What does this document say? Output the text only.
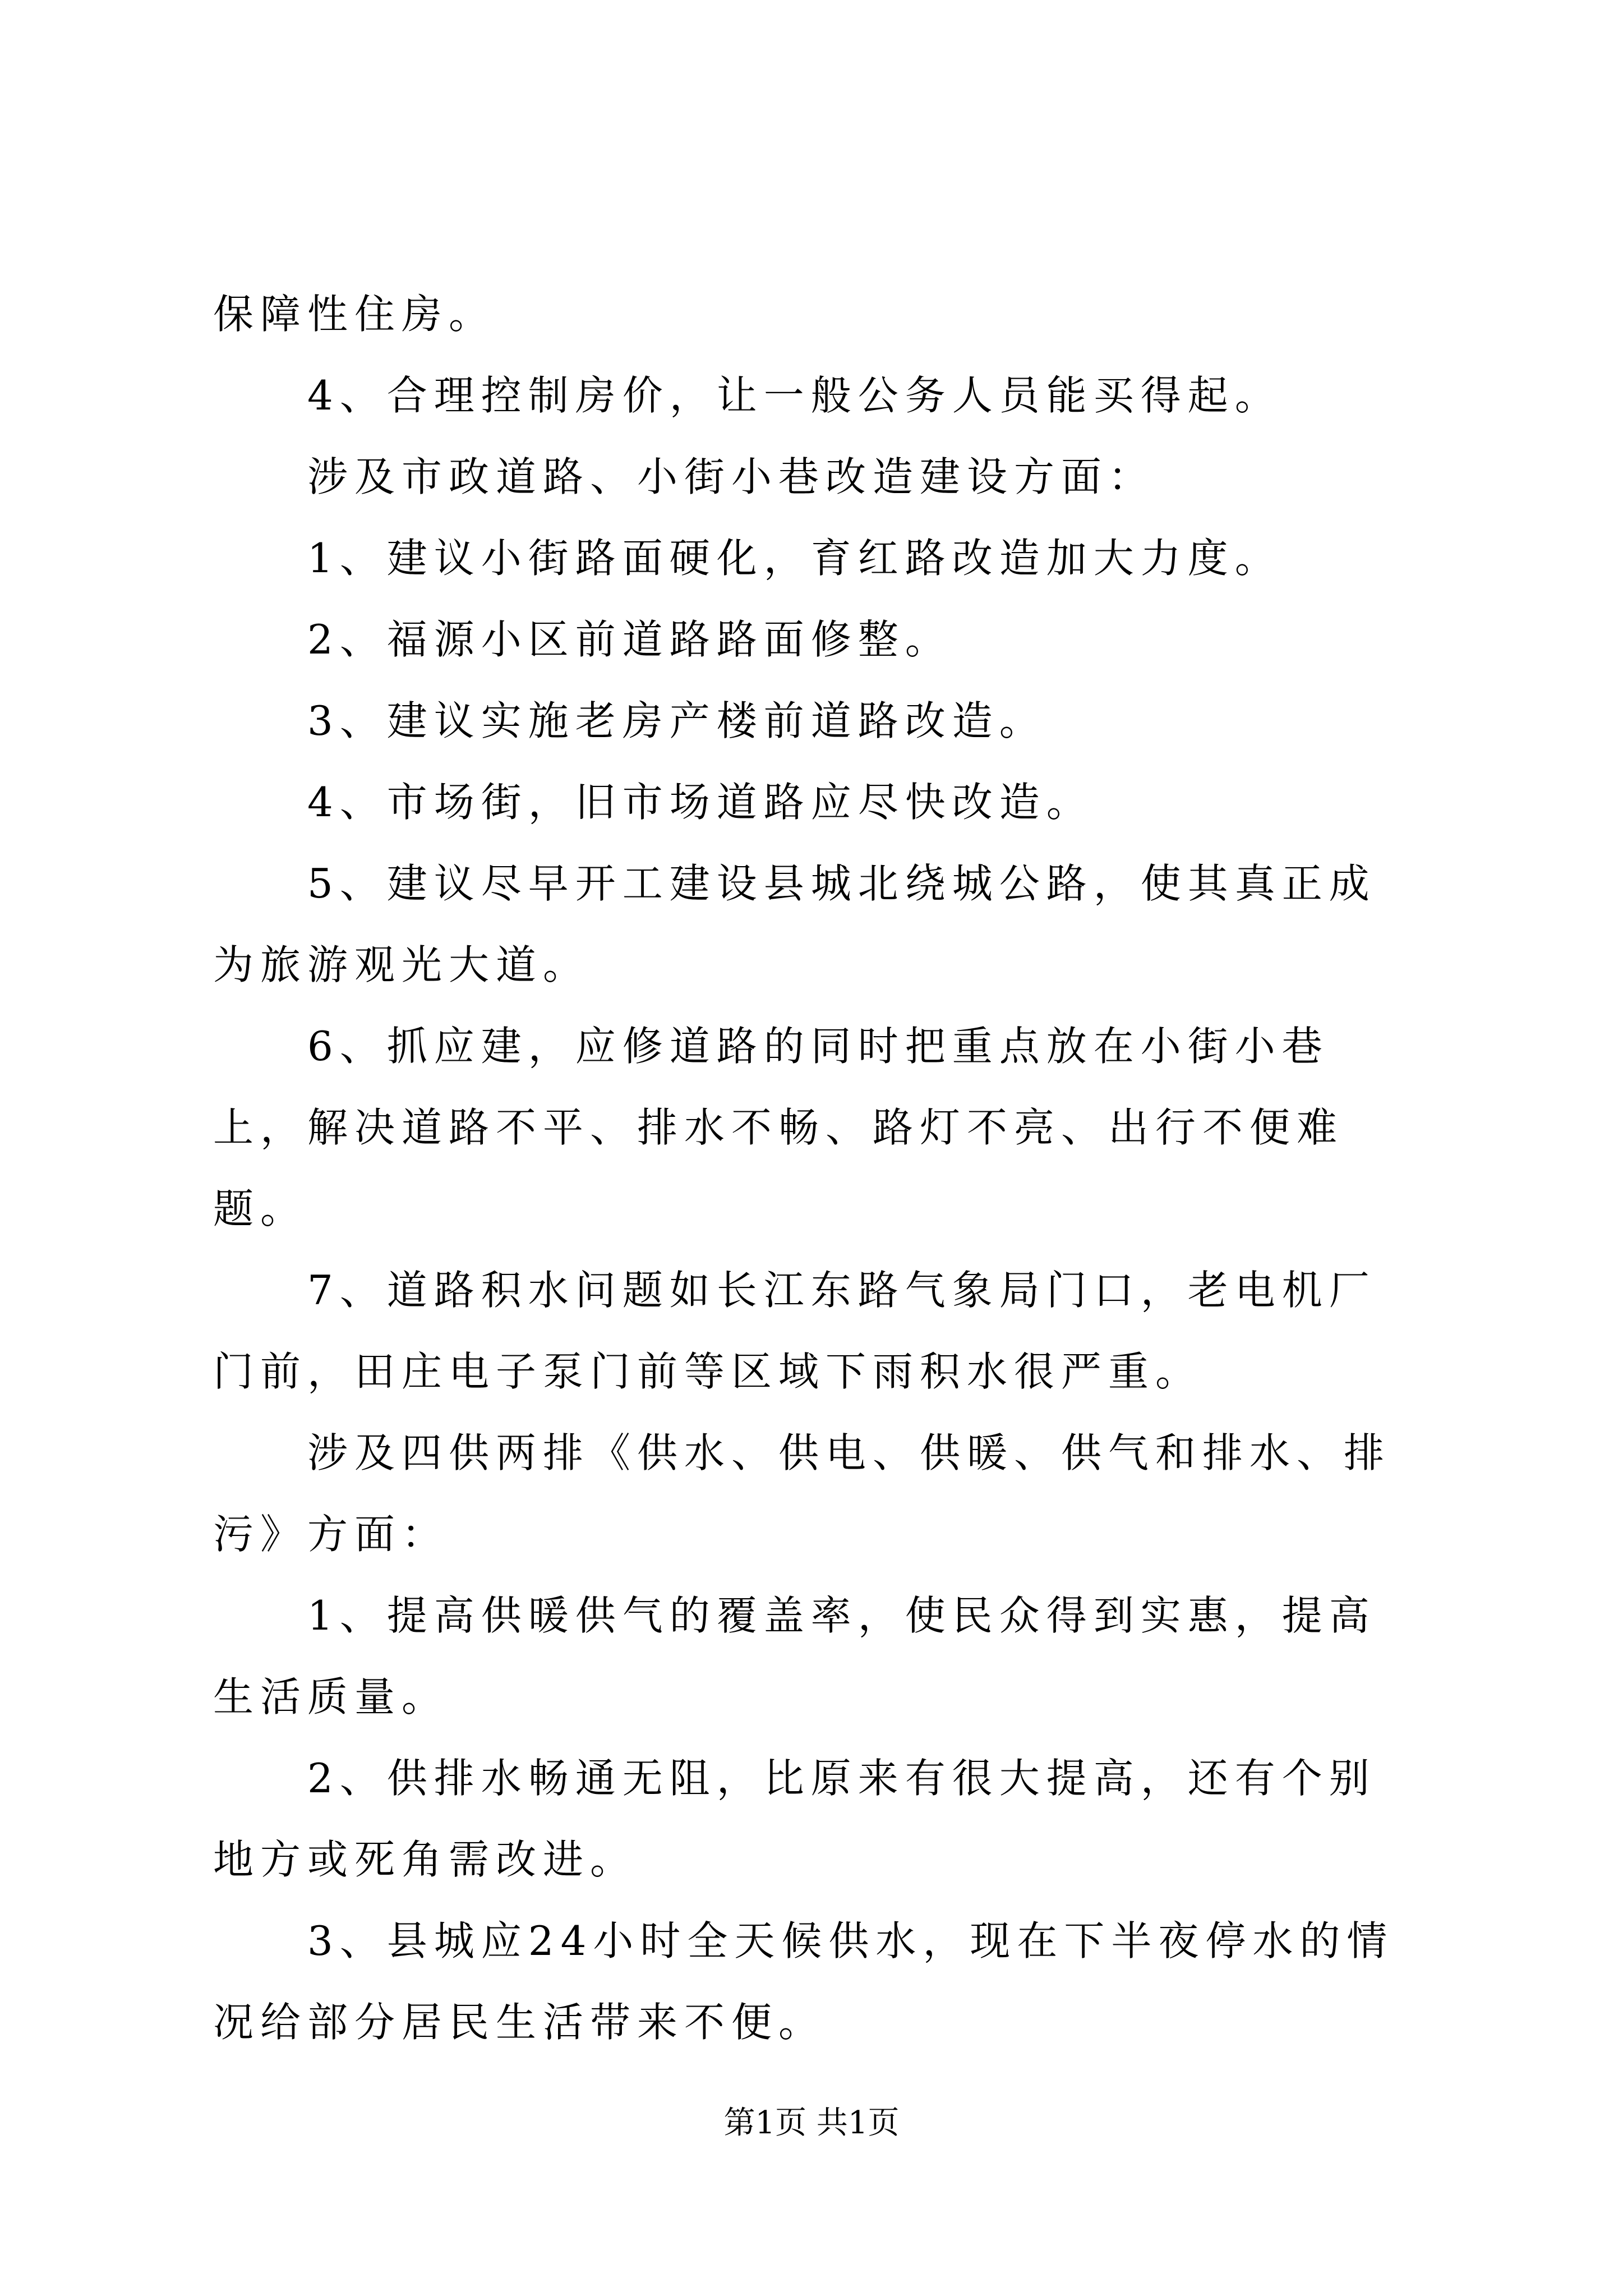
保障性住房。

4、合理控制房价，让一般公务人员能买得起。

涉及市政道路、小街小巷改造建设方面：

1、建议小街路面硬化，育红路改造加大力度。

2、福源小区前道路路面修整。

3、建议实施老房产楼前道路改造。

4、市场街，旧市场道路应尽快改造。

5、建议尽早开工建设县城北绕城公路，使其真正成为旅游观光大道。

6、抓应建，应修道路的同时把重点放在小街小巷上，解决道路不平、排水不畅、路灯不亮、出行不便难题。

7、道路积水问题如长江东路气象局门口，老电机厂门前，田庄电子泵门前等区域下雨积水很严重。

涉及四供两排《供水、供电、供暖、供气和排水、排污》方面：

1、提高供暖供气的覆盖率，使民众得到实惠，提高生活质量。

2、供排水畅通无阻，比原来有很大提高，还有个别地方或死角需改进。

3、县城应24小时全天候供水，现在下半夜停水的情况给部分居民生活带来不便。

第1页 共1页
